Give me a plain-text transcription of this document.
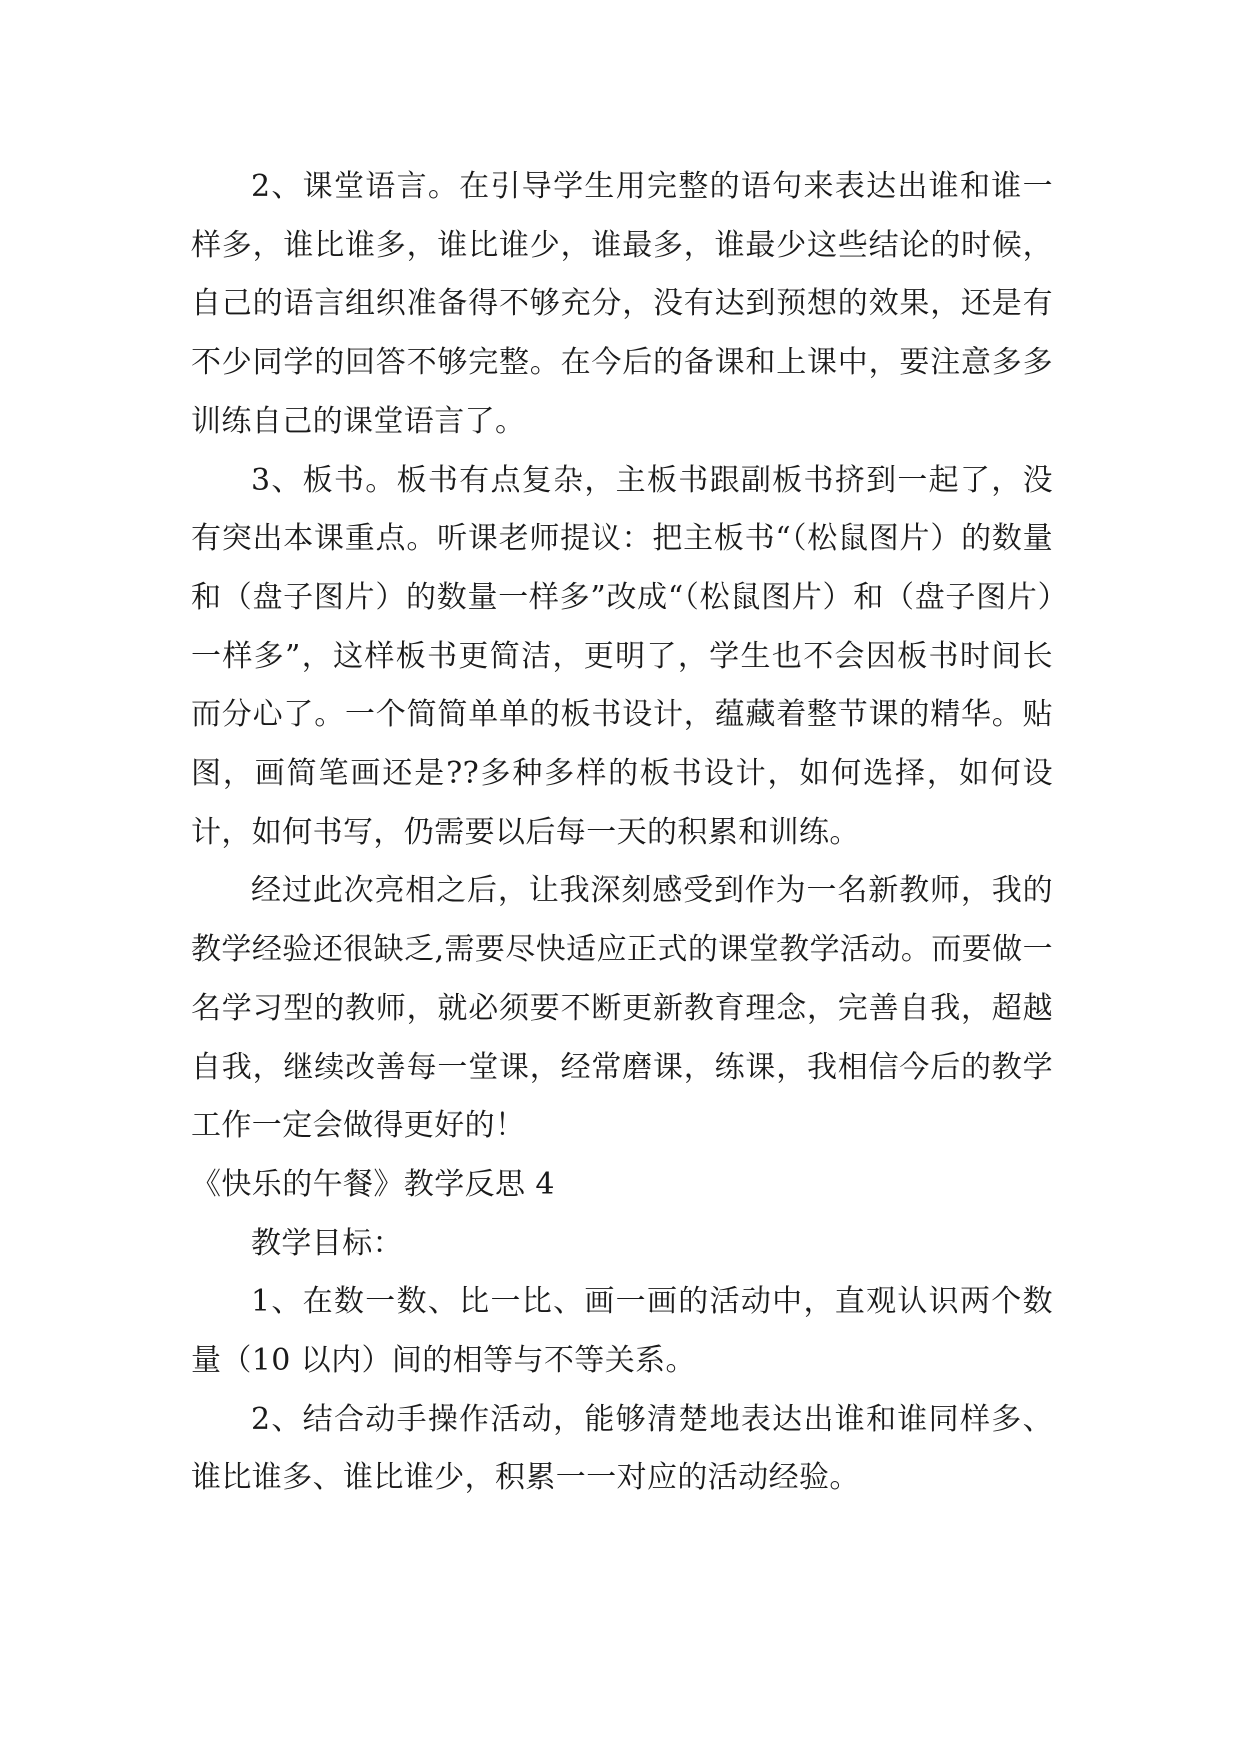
2、课堂语言。在引导学生用完整的语句来表达出谁和谁一样多，谁比谁多，谁比谁少，谁最多，谁最少这些结论的时候，自己的语言组织准备得不够充分，没有达到预想的效果，还是有不少同学的回答不够完整。在今后的备课和上课中，要注意多多训练自己的课堂语言了。

3、板书。板书有点复杂，主板书跟副板书挤到一起了，没有突出本课重点。听课老师提议：把主板书“（松鼠图片）的数量和（盘子图片）的数量一样多”改成“（松鼠图片）和（盘子图片）一样多”，这样板书更简洁，更明了，学生也不会因板书时间长而分心了。一个简简单单的板书设计，蕴藏着整节课的精华。贴图，画简笔画还是??多种多样的板书设计，如何选择，如何设计，如何书写，仍需要以后每一天的积累和训练。

经过此次亮相之后，让我深刻感受到作为一名新教师，我的教学经验还很缺乏,需要尽快适应正式的课堂教学活动。而要做一名学习型的教师，就必须要不断更新教育理念，完善自我，超越自我，继续改善每一堂课，经常磨课，练课，我相信今后的教学工作一定会做得更好的！

《快乐的午餐》教学反思 4

教学目标：

1、在数一数、比一比、画一画的活动中，直观认识两个数量（10 以内）间的相等与不等关系。

2、结合动手操作活动，能够清楚地表达出谁和谁同样多、谁比谁多、谁比谁少，积累一一对应的活动经验。
